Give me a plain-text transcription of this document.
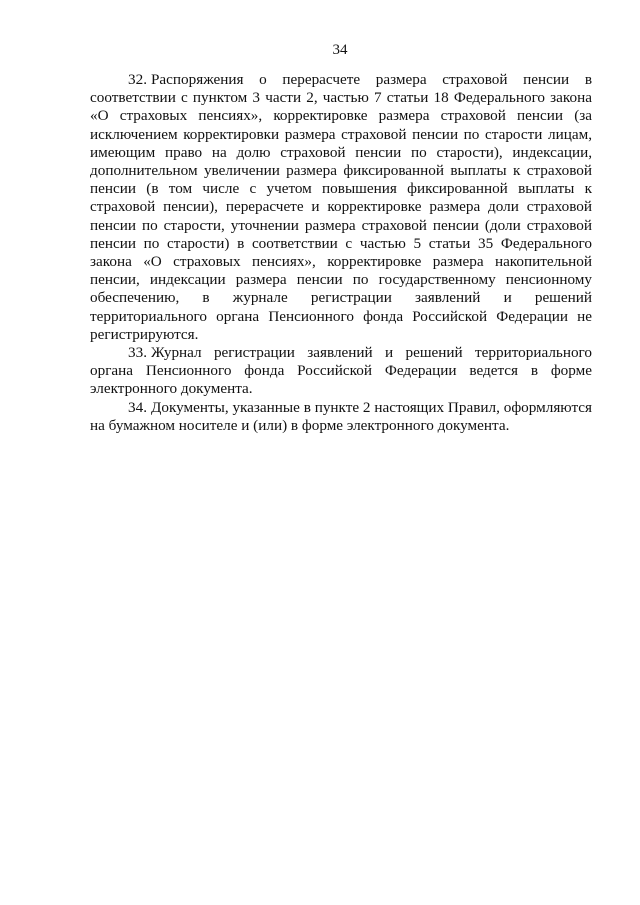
34

32. Распоряжения о перерасчете размера страховой пенсии в соответствии с пунктом 3 части 2, частью 7 статьи 18 Федерального закона «О страховых пенсиях», корректировке размера страховой пенсии (за исключением корректировки размера страховой пенсии по старости лицам, имеющим право на долю страховой пенсии по старости), индексации, дополнительном увеличении размера фиксированной выплаты к страховой пенсии (в том числе с учетом повышения фиксированной выплаты к страховой пенсии), перерасчете и корректировке размера доли страховой пенсии по старости, уточнении размера страховой пенсии (доли страховой пенсии по старости) в соответствии с частью 5 статьи 35 Федерального закона «О страховых пенсиях», корректировке размера накопительной пенсии, индексации размера пенсии по государственному пенсионному обеспечению, в журнале регистрации заявлений и решений территориального органа Пенсионного фонда Российской Федерации не регистрируются.

33. Журнал регистрации заявлений и решений территориального органа Пенсионного фонда Российской Федерации ведется в форме электронного документа.

34. Документы, указанные в пункте 2 настоящих Правил, оформляются на бумажном носителе и (или) в форме электронного документа.
